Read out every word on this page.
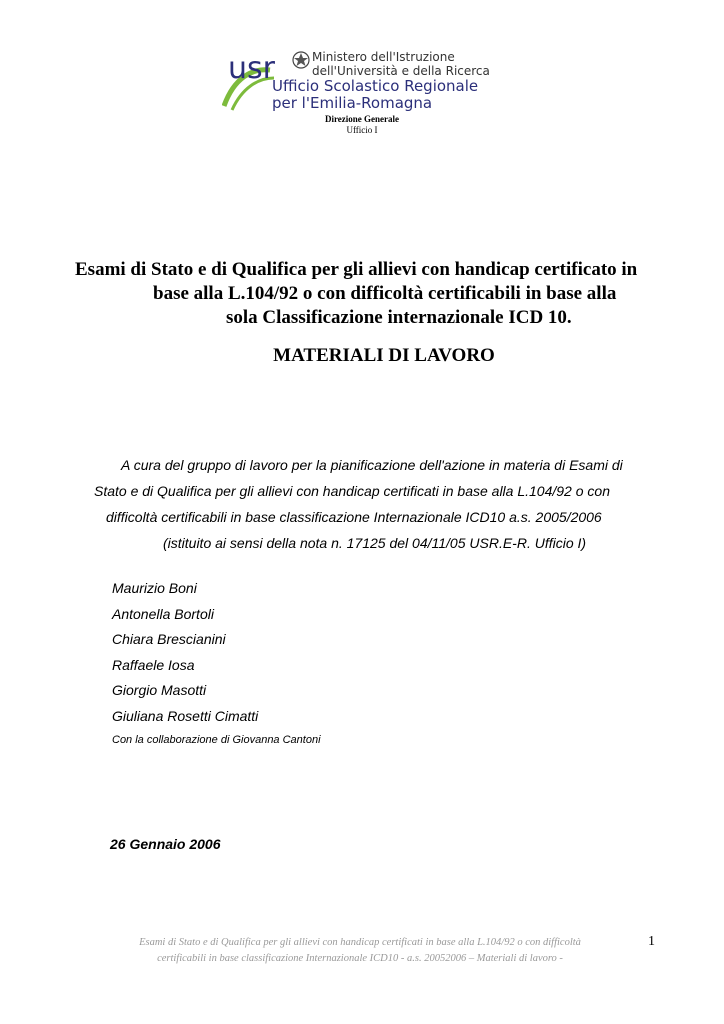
usr	Ministero dell'Istruzione
dell'Università e della Ricerca
Ufficio Scolastico Regionale
per l'Emilia-Romagna
Direzione Generale
Ufficio I
Esami di Stato e di Qualifica per gli allievi con handicap certificato in
base alla L.104/92 o con difficoltà certificabili in base alla
sola Classificazione internazionale ICD 10.
MATERIALI DI LAVORO
A cura del gruppo di lavoro per la pianificazione dell'azione in materia di Esami di
Stato e di Qualifica per gli allievi con handicap certificati in base alla L.104/92 o con
difficoltà certificabili in base classificazione Internazionale ICD10 a.s. 2005/2006
(istituito ai sensi della nota n. 17125 del 04/11/05 USR.E-R. Ufficio I)
Maurizio Boni
Antonella Bortoli
Chiara Brescianini
Raffaele Iosa
Giorgio Masotti
Giuliana Rosetti Cimatti
Con la collaborazione di Giovanna Cantoni
26 Gennaio 2006
Esami di Stato e di Qualifica per gli allievi con handicap certificati in base alla L.104/92 o con difficoltà
certificabili in base classificazione Internazionale ICD10 - a.s. 20052006 – Materiali di lavoro -
1
